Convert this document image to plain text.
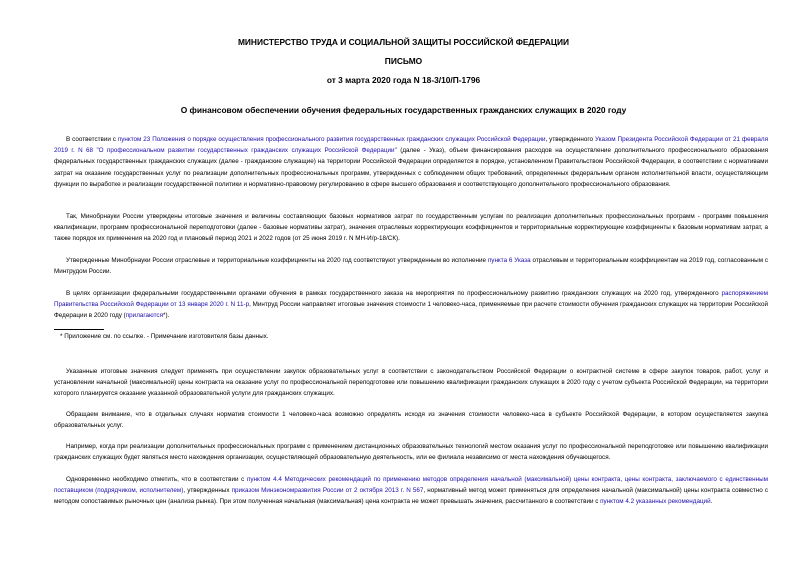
МИНИСТЕРСТВО ТРУДА И СОЦИАЛЬНОЙ ЗАЩИТЫ РОССИЙСКОЙ ФЕДЕРАЦИИ
ПИСЬМО
от 3 марта 2020 года N 18-3/10/П-1796
О финансовом обеспечении обучения федеральных государственных гражданских служащих в 2020 году
В соответствии с пунктом 23 Положения о порядке осуществления профессионального развития государственных гражданских служащих Российской Федерации, утвержденного Указом Президента Российской Федерации от 21 февраля 2019 г. N 68 "О профессиональном развитии государственных гражданских служащих Российской Федерации" (далее - Указ), объем финансирования расходов на осуществление дополнительного профессионального образования федеральных государственных гражданских служащих (далее - гражданские служащие) на территории Российской Федерации определяется в порядке, установленном Правительством Российской Федерации, в соответствии с нормативами затрат на оказание государственных услуг по реализации дополнительных профессиональных программ, утвержденных с соблюдением общих требований, определенных федеральным органом исполнительной власти, осуществляющим функции по выработке и реализации государственной политики и нормативно-правовому регулированию в сфере высшего образования и соответствующего дополнительного профессионального образования.
Так, Минобрнауки России утверждены итоговые значения и величины составляющих базовых нормативов затрат по государственным услугам по реализации дополнительных профессиональных программ - программ повышения квалификации, программ профессиональной переподготовки (далее - базовые нормативы затрат), значения отраслевых корректирующих коэффициентов и территориальные корректирующие коэффициенты к базовым нормативам затрат, а также порядок их применения на 2020 год и плановый период 2021 и 2022 годов (от 25 июня 2019 г. N МН-И/р-18/СК).
Утвержденные Минобрнауки России отраслевые и территориальные коэффициенты на 2020 год соответствуют утвержденным во исполнение пункта 6 Указа отраслевым и территориальным коэффициентам на 2019 год, согласованным с Минтрудом России.
В целях организации федеральными государственными органами обучения в рамках государственного заказа на мероприятия по профессиональному развитию гражданских служащих на 2020 год, утвержденного распоряжением Правительства Российской Федерации от 13 января 2020 г. N 11-р, Минтруд России направляет итоговые значения стоимости 1 человеко-часа, применяемые при расчете стоимости обучения гражданских служащих на территории Российской Федерации в 2020 году (прилагаются*).
* Приложение см. по ссылке. - Примечание изготовителя базы данных.
Указанные итоговые значения следует применять при осуществлении закупок образовательных услуг в соответствии с законодательством Российской Федерации о контрактной системе в сфере закупок товаров, работ, услуг и установлении начальной (максимальной) цены контракта на оказание услуг по профессиональной переподготовке или повышению квалификации гражданских служащих в 2020 году с учетом субъекта Российской Федерации, на территории которого планируется оказание указанной образовательной услуги для гражданских служащих.
Обращаем внимание, что в отдельных случаях норматив стоимости 1 человеко-часа возможно определять исходя из значения стоимости человеко-часа в субъекте Российской Федерации, в котором осуществляется закупка образовательных услуг.
Например, когда при реализации дополнительных профессиональных программ с применением дистанционных образовательных технологий местом оказания услуг по профессиональной переподготовке или повышению квалификации гражданских служащих будет являться место нахождения организации, осуществляющей образовательную деятельность, или ее филиала независимо от места нахождения обучающегося.
Одновременно необходимо отметить, что в соответствии с пунктом 4.4 Методических рекомендаций по применению методов определения начальной (максимальной) цены контракта, цены контракта, заключаемого с единственным поставщиком (подрядчиком, исполнителем), утвержденных приказом Минэкономразвития России от 2 октября 2013 г. N 567, нормативный метод может применяться для определения начальной (максимальной) цены контракта совместно с методом сопоставимых рыночных цен (анализа рынка). При этом полученная начальная (максимальная) цена контракта не может превышать значения, рассчитанного в соответствии с пунктом 4.2 указанных рекомендаций.
